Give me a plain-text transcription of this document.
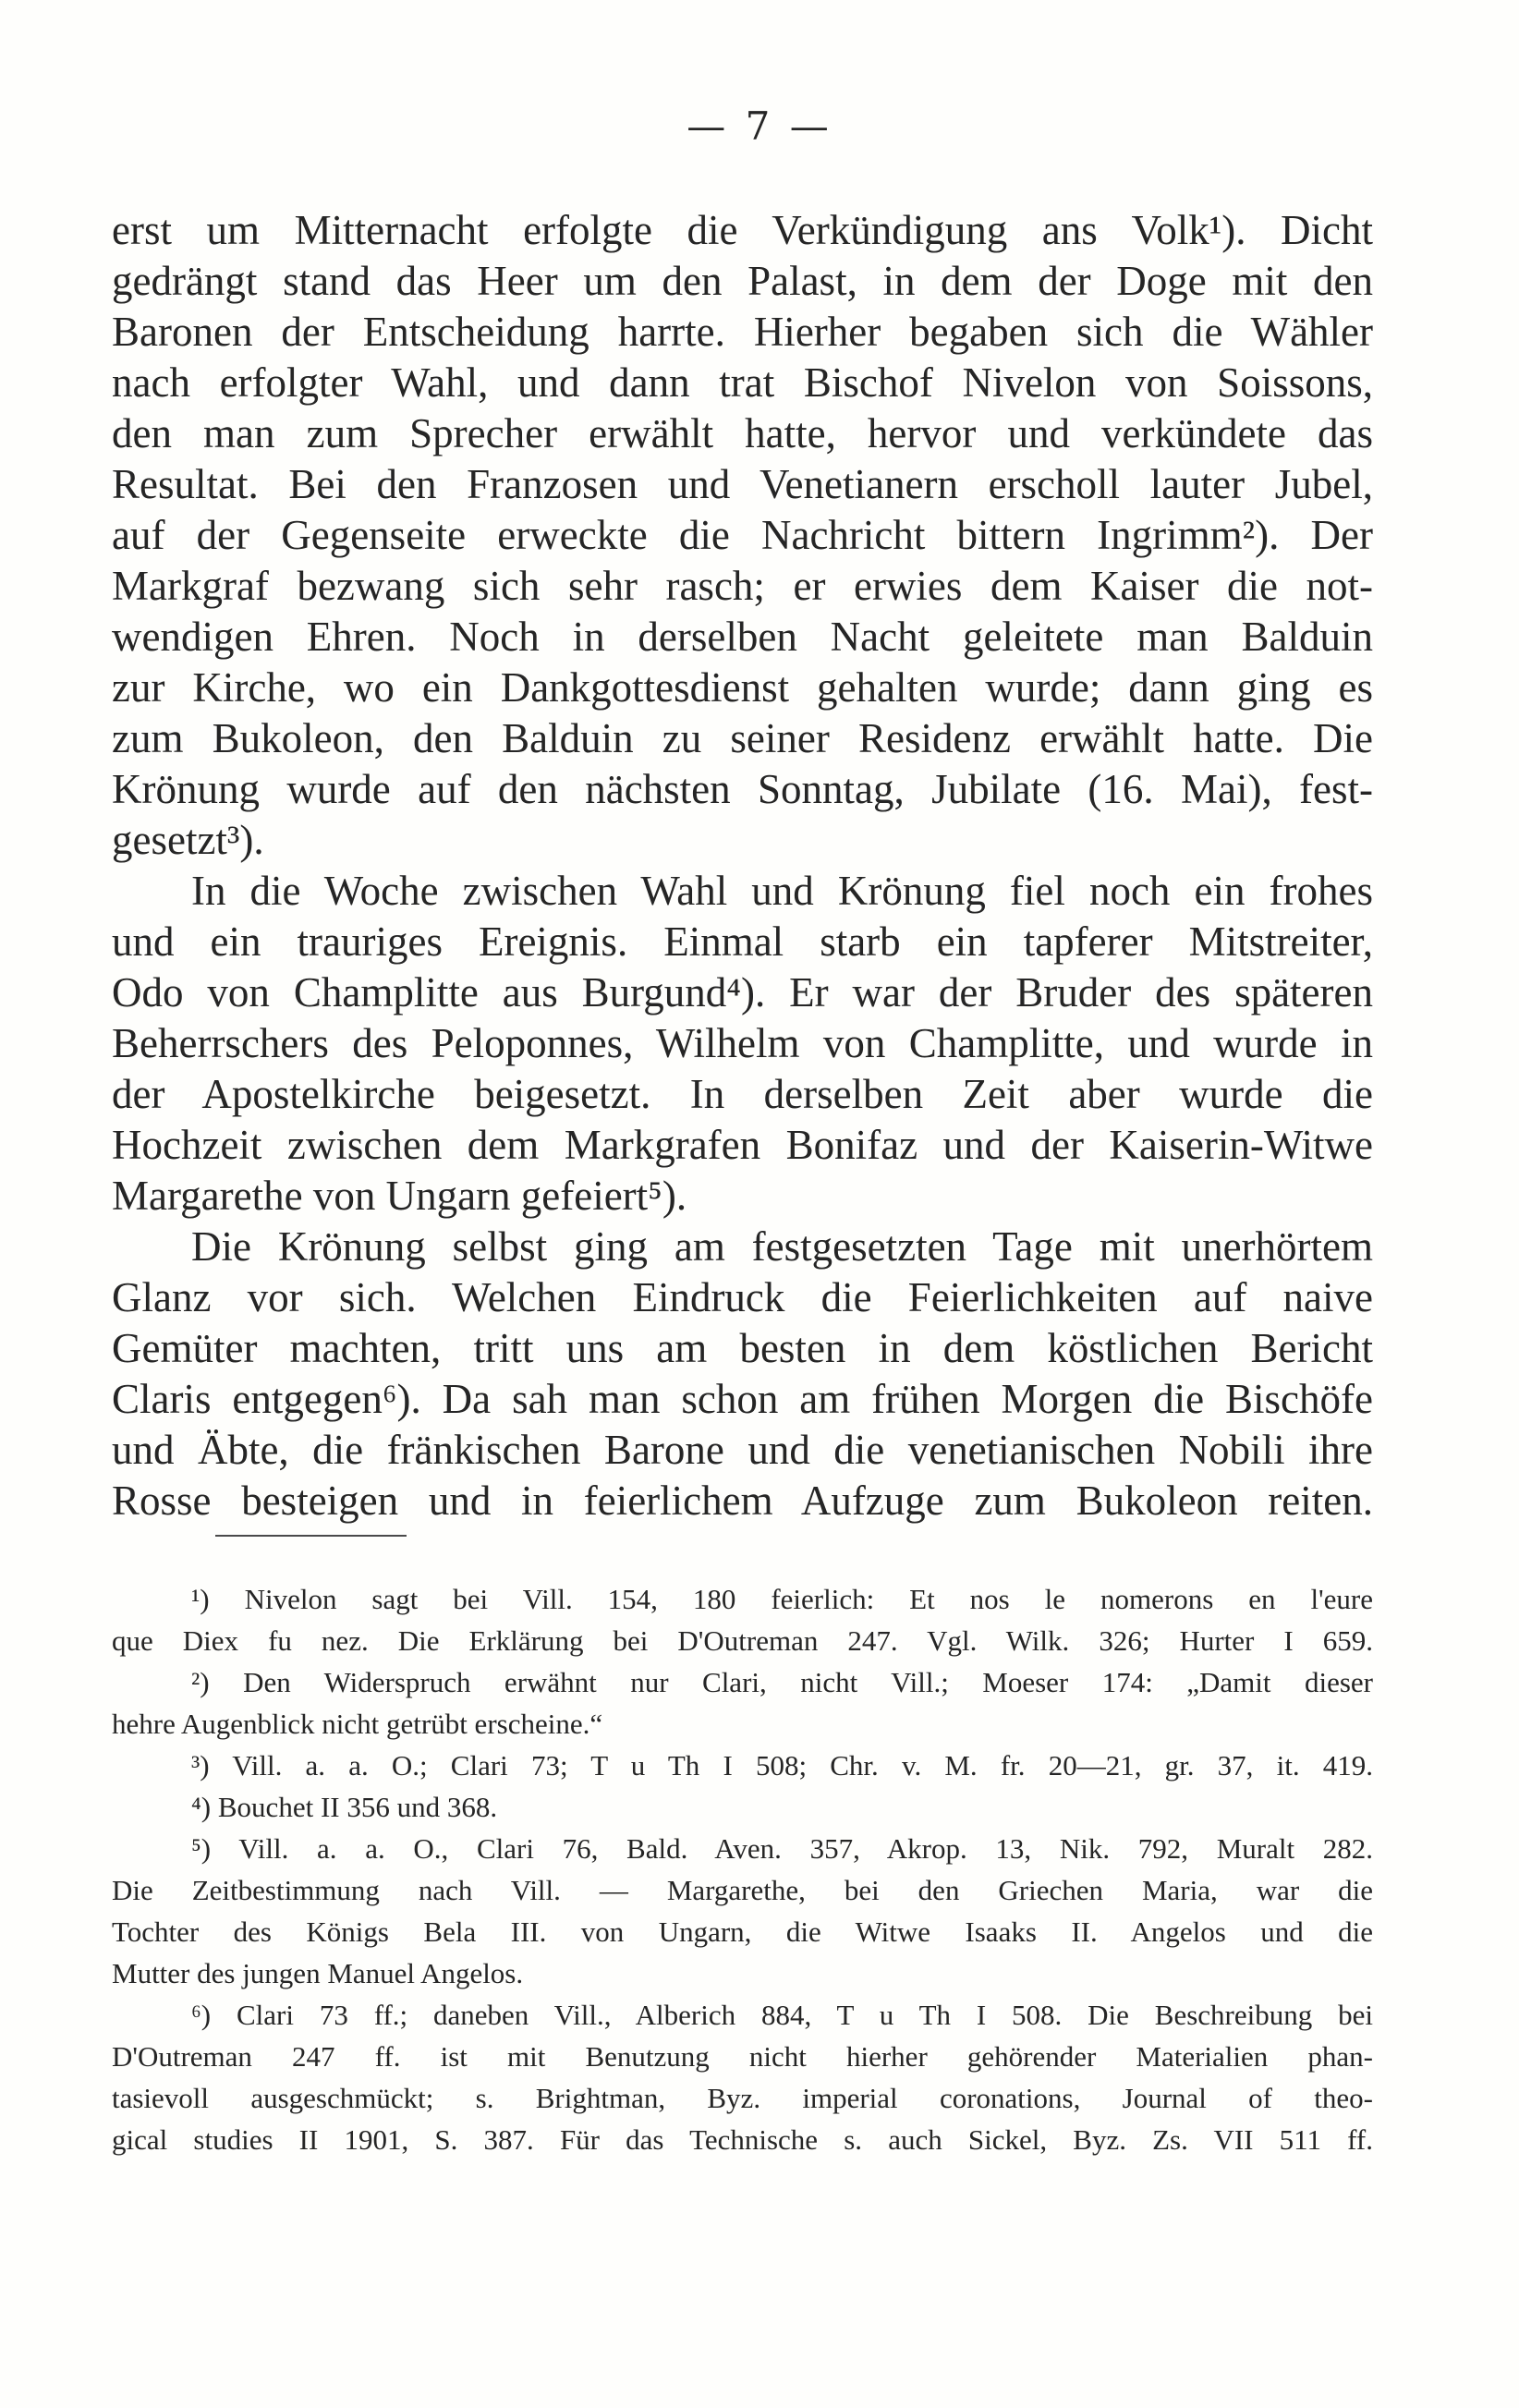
— 7 —
erst um Mitternacht erfolgte die Verkündigung ans Volk¹). Dicht
gedrängt stand das Heer um den Palast, in dem der Doge mit den
Baronen der Entscheidung harrte. Hierher begaben sich die Wähler
nach erfolgter Wahl, und dann trat Bischof Nivelon von Soissons,
den man zum Sprecher erwählt hatte, hervor und verkündete das
Resultat. Bei den Franzosen und Venetianern erscholl lauter Jubel,
auf der Gegenseite erweckte die Nachricht bittern Ingrimm²). Der
Markgraf bezwang sich sehr rasch; er erwies dem Kaiser die not-
wendigen Ehren. Noch in derselben Nacht geleitete man Balduin
zur Kirche, wo ein Dankgottesdienst gehalten wurde; dann ging es
zum Bukoleon, den Balduin zu seiner Residenz erwählt hatte. Die
Krönung wurde auf den nächsten Sonntag, Jubilate (16. Mai), fest-
gesetzt³).
In die Woche zwischen Wahl und Krönung fiel noch ein frohes
und ein trauriges Ereignis. Einmal starb ein tapferer Mitstreiter,
Odo von Champlitte aus Burgund⁴). Er war der Bruder des späteren
Beherrschers des Peloponnes, Wilhelm von Champlitte, und wurde in
der Apostelkirche beigesetzt. In derselben Zeit aber wurde die
Hochzeit zwischen dem Markgrafen Bonifaz und der Kaiserin-Witwe
Margarethe von Ungarn gefeiert⁵).
Die Krönung selbst ging am festgesetzten Tage mit unerhörtem
Glanz vor sich. Welchen Eindruck die Feierlichkeiten auf naive
Gemüter machten, tritt uns am besten in dem köstlichen Bericht
Claris entgegen⁶). Da sah man schon am frühen Morgen die Bischöfe
und Äbte, die fränkischen Barone und die venetianischen Nobili ihre
Rosse besteigen und in feierlichem Aufzuge zum Bukoleon reiten.
¹) Nivelon sagt bei Vill. 154, 180 feierlich: Et nos le nomerons en l'eure
que Diex fu nez. Die Erklärung bei D'Outreman 247. Vgl. Wilk. 326; Hurter I 659.
²) Den Widerspruch erwähnt nur Clari, nicht Vill.; Moeser 174: „Damit dieser
hehre Augenblick nicht getrübt erscheine.“
³) Vill. a. a. O.; Clari 73; T u Th I 508; Chr. v. M. fr. 20—21, gr. 37, it. 419.
⁴) Bouchet II 356 und 368.
⁵) Vill. a. a. O., Clari 76, Bald. Aven. 357, Akrop. 13, Nik. 792, Muralt 282.
Die Zeitbestimmung nach Vill. — Margarethe, bei den Griechen Maria, war die
Tochter des Königs Bela III. von Ungarn, die Witwe Isaaks II. Angelos und die
Mutter des jungen Manuel Angelos.
⁶) Clari 73 ff.; daneben Vill., Alberich 884, T u Th I 508. Die Beschreibung bei
D'Outreman 247 ff. ist mit Benutzung nicht hierher gehörender Materialien phan-
tasievoll ausgeschmückt; s. Brightman, Byz. imperial coronations, Journal of theo-
gical studies II 1901, S. 387. Für das Technische s. auch Sickel, Byz. Zs. VII 511 ff.
